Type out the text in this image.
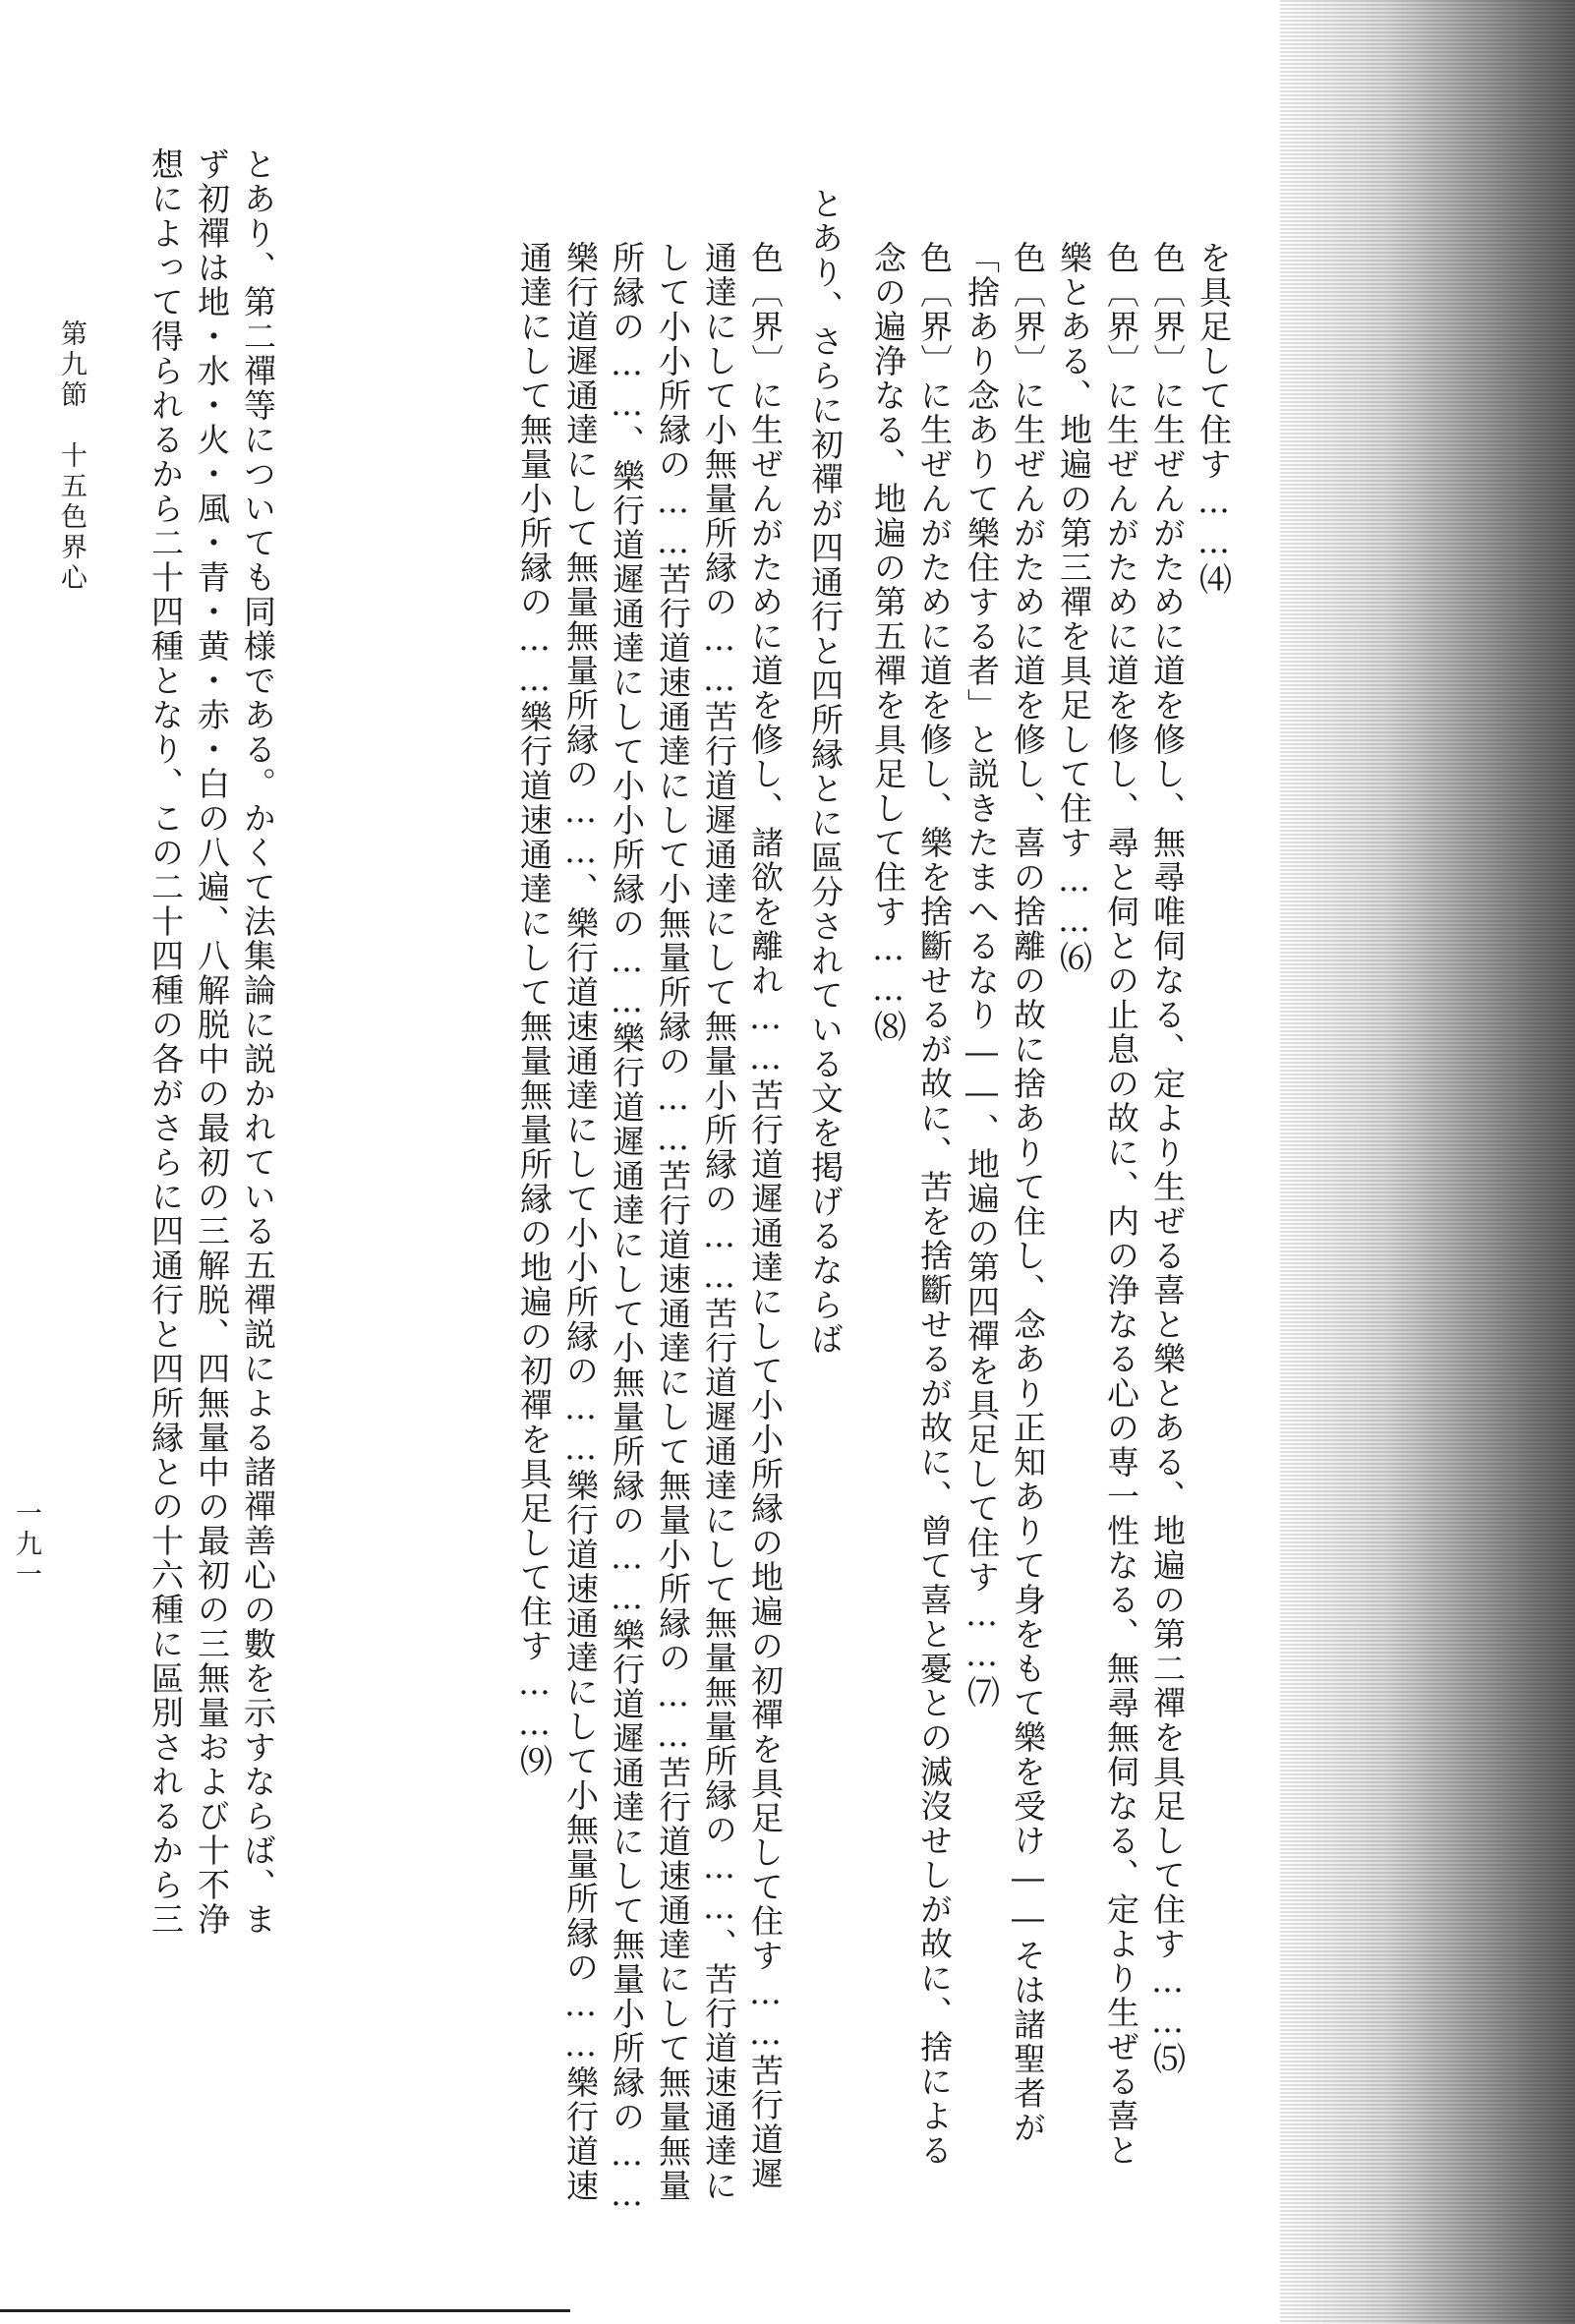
を具足して住す……⑷
色〔界〕に生ぜんがために道を修し、無尋唯伺なる、定より生ぜる喜と樂とある、地遍の第二禪を具足して住す……⑸
色〔界〕に生ぜんがために道を修し、尋と伺との止息の故に、内の浄なる心の専一性なる、無尋無伺なる、定より生ぜる喜と
樂とある、地遍の第三禪を具足して住す……⑹
色〔界〕に生ぜんがために道を修し、喜の捨離の故に捨ありて住し、念あり正知ありて身をもて樂を受け――そは諸聖者が
「捨あり念ありて樂住する者」と説きたまへるなり――、地遍の第四禪を具足して住す……⑺
色〔界〕に生ぜんがために道を修し、樂を捨斷せるが故に、苦を捨斷せるが故に、曾て喜と憂との滅沒せしが故に、捨による
念の遍浄なる、地遍の第五禪を具足して住す……⑻
とあり、さらに初禪が四通行と四所縁とに區分されている文を掲げるならば
色〔界〕に生ぜんがために道を修し、諸欲を離れ……苦行道遲通達にして小小所縁の地遍の初禪を具足して住す……苦行道遲
通達にして小無量所縁の……苦行道遲通達にして無量小所縁の……苦行道遲通達にして無量無量所縁の……、苦行道速通達に
して小小所縁の……苦行道速通達にして小無量所縁の……苦行道速通達にして無量小所縁の……苦行道速通達にして無量無量
所縁の……、樂行道遲通達にして小小所縁の……樂行道遲通達にして小無量所縁の……樂行道遲通達にして無量小所縁の……
樂行道遲通達にして無量無量所縁の……、樂行道速通達にして小小所縁の……樂行道速通達にして小無量所縁の……樂行道速
通達にして無量小所縁の……樂行道速通達にして無量無量所縁の地遍の初禪を具足して住す……⑼
とあり、第二禪等についても同様である。かくて法集論に説かれている五禪説による諸禪善心の數を示すならば、ま
ず初禪は地・水・火・風・青・黄・赤・白の八遍、八解脱中の最初の三解脱、四無量中の最初の三無量および十不浄
想によって得られるから二十四種となり、この二十四種の各がさらに四通行と四所縁との十六種に區別されるから三
第九節　十五色界心
一九一
